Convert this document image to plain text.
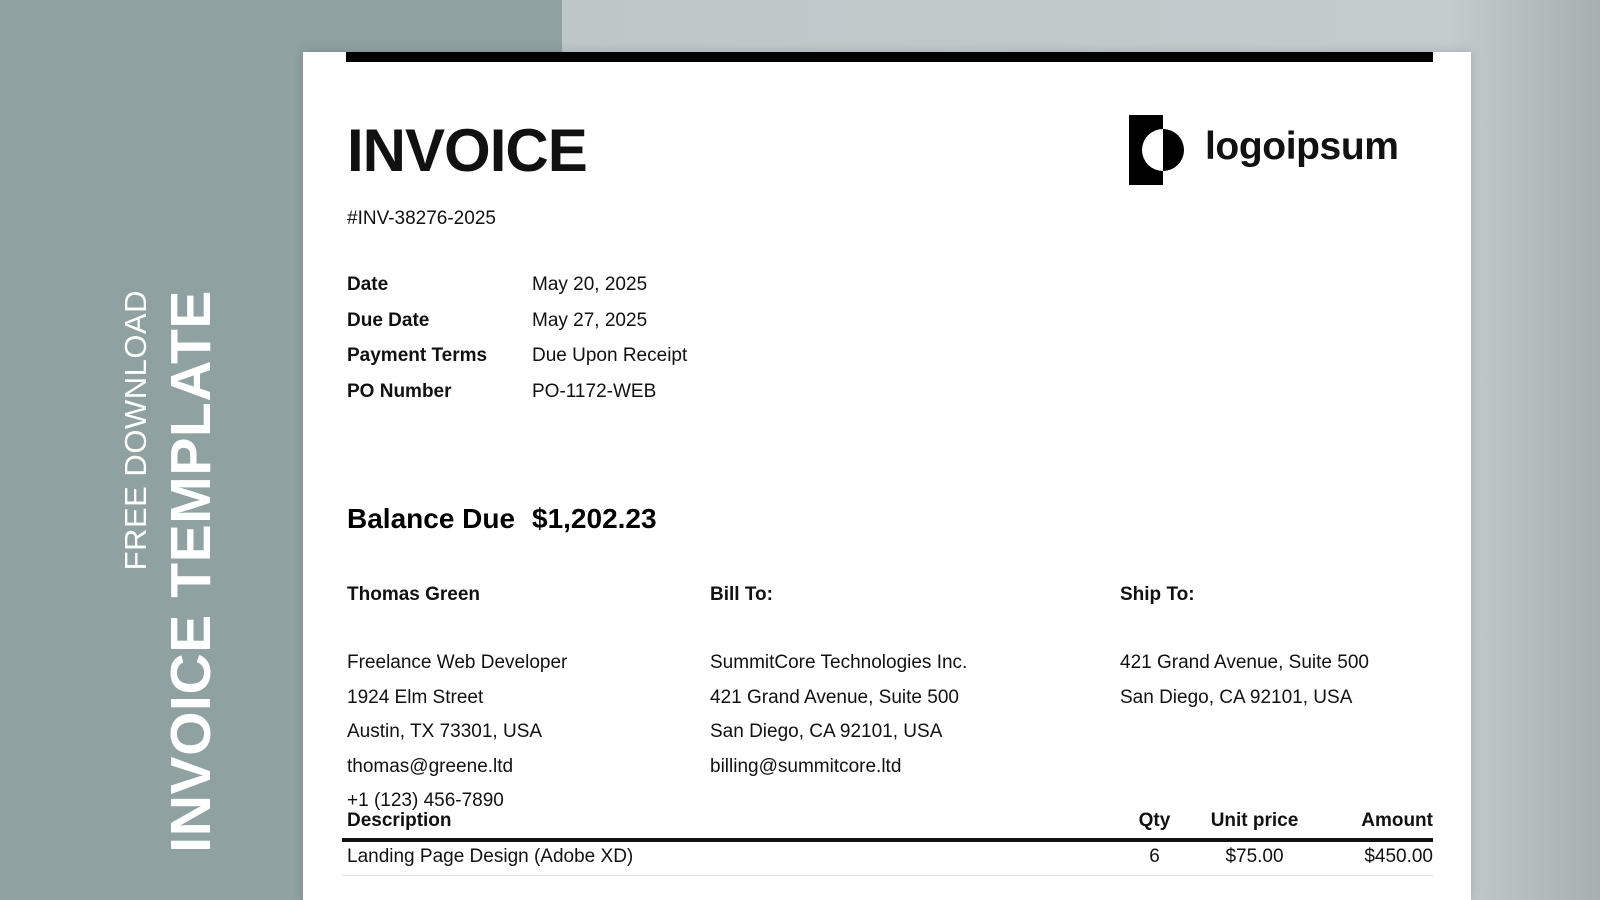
FREE DOWNLOAD INVOICE TEMPLATE
INVOICE
#INV-38276-2025
logoipsum
Date	May 20, 2025
Due Date	May 27, 2025
Payment Terms Due Upon Receipt
PO Number	PO-1172-WEB
Balance Due $1,202.23
Thomas Green
Freelance Web Developer
1924 Elm Street
Austin, TX 73301, USA
thomas@greene.ltd
+1 (123) 456-7890
Bill To:
SummitCore Technologies Inc.
421 Grand Avenue, Suite 500
San Diego, CA 92101, USA
billing@summitcore.ltd
Ship To:
421 Grand Avenue, Suite 500
San Diego, CA 92101, USA
Description	Qty	Unit price	Amount
Landing Page Design (Adobe XD)	6	$75.00	$450.00
